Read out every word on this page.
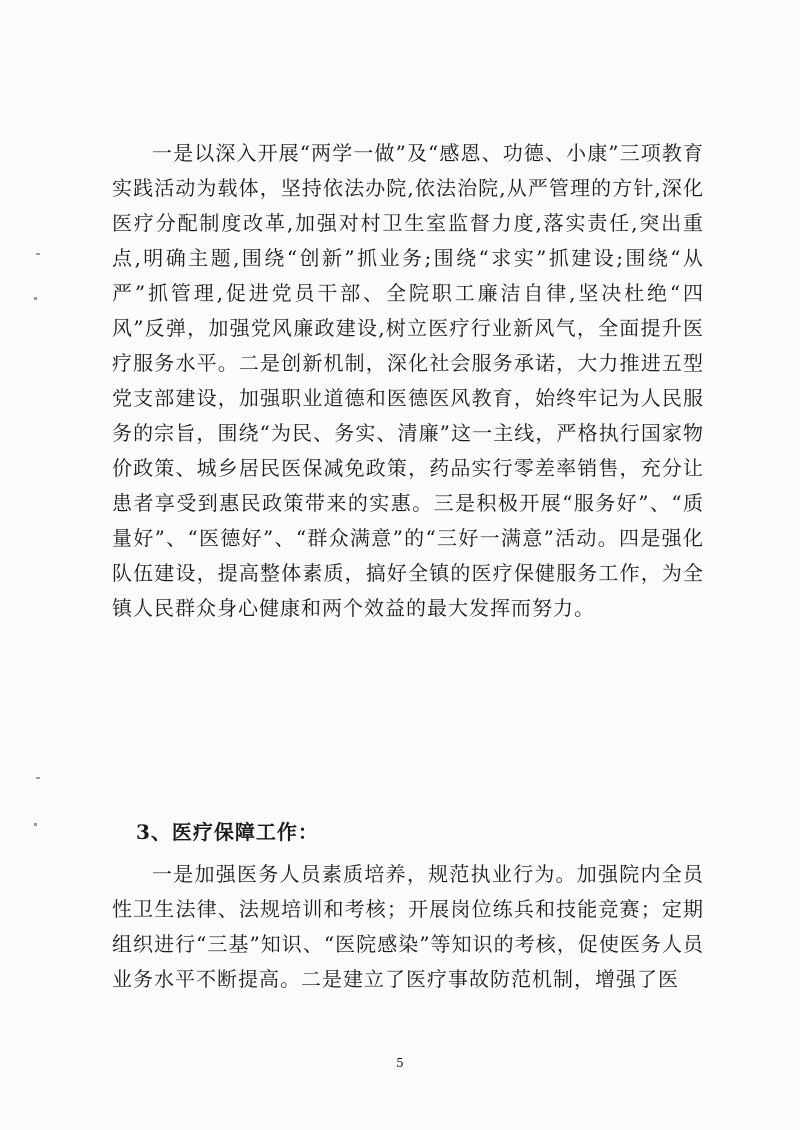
一是以深入开展“两学一做”及“感恩、功德、小康”三项教育实践活动为载体，坚持依法办院,依法治院,从严管理的方针,深化医疗分配制度改革,加强对村卫生室监督力度,落实责任,突出重点,明确主题,围绕“创新”抓业务;围绕“求实”抓建设;围绕“从严”抓管理,促进党员干部、全院职工廉洁自律,坚决杜绝“四风”反弹，加强党风廉政建设,树立医疗行业新风气，全面提升医疗服务水平。二是创新机制，深化社会服务承诺，大力推进五型党支部建设，加强职业道德和医德医风教育，始终牢记为人民服务的宗旨，围绕“为民、务实、清廉”这一主线，严格执行国家物价政策、城乡居民医保减免政策，药品实行零差率销售，充分让患者享受到惠民政策带来的实惠。三是积极开展“服务好”、“质量好”、“医德好”、“群众满意”的“三好一满意”活动。四是强化队伍建设，提高整体素质，搞好全镇的医疗保健服务工作，为全镇人民群众身心健康和两个效益的最大发挥而努力。

3、医疗保障工作：

一是加强医务人员素质培养，规范执业行为。加强院内全员性卫生法律、法规培训和考核；开展岗位练兵和技能竞赛；定期组织进行“三基”知识、“医院感染”等知识的考核，促使医务人员业务水平不断提高。二是建立了医疗事故防范机制，增强了医

5
